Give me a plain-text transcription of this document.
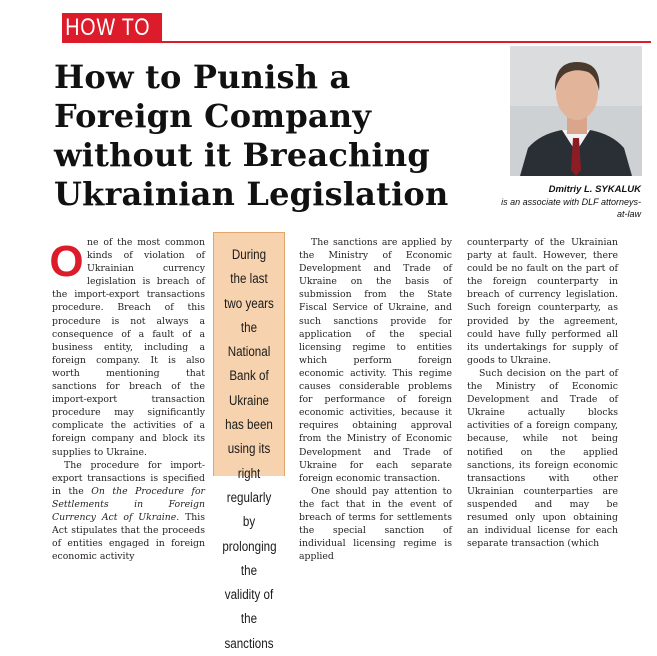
HOW TO
How to Punish a Foreign Company without it Breaching Ukrainian Legislation	Dmitriy L. SYKALUK
is an associate with DLF attorneys-at-law

O ne of the most common kinds of violation of Ukrainian currency legislation is breach of the import-export transactions procedure. Breach of this procedure is not always a consequence of a fault of a business entity, including a foreign company. It is also worth mentioning that sanctions for breach of the import-export transaction procedure may significantly complicate the activities of a foreign company and block its supplies to Ukraine.

The procedure for import-export transactions is specified in the On the Procedure for Settlements in Foreign Currency Act of Ukraine. This Act stipulates that the proceeds of entities engaged in foreign economic activity

During the last two years the National Bank of Ukraine has been using its right regularly by prolonging the validity of the sanctions

The sanctions are applied by the Ministry of Economic Development and Trade of Ukraine on the basis of submission from the State Fiscal Service of Ukraine, and such sanctions provide for application of the special licensing regime to entities which perform foreign economic activity. This regime causes considerable problems for performance of foreign economic activities, because it requires obtaining approval from the Ministry of Economic Development and Trade of Ukraine for each separate foreign economic transaction.

One should pay attention to the fact that in the event of breach of terms for settlements the special sanction of individual licensing regime is applied

counterparty of the Ukrainian party at fault. However, there could be no fault on the part of the foreign counterparty in breach of currency legislation. Such foreign counterparty, as provided by the agreement, could have fully performed all its undertakings for supply of goods to Ukraine.

Such decision on the part of the Ministry of Economic Development and Trade of Ukraine actually blocks activities of a foreign company, because, while not being notified on the applied sanctions, its foreign economic transactions with other Ukrainian counterparties are suspended and may be resumed only upon obtaining an individual license for each separate transaction (which
